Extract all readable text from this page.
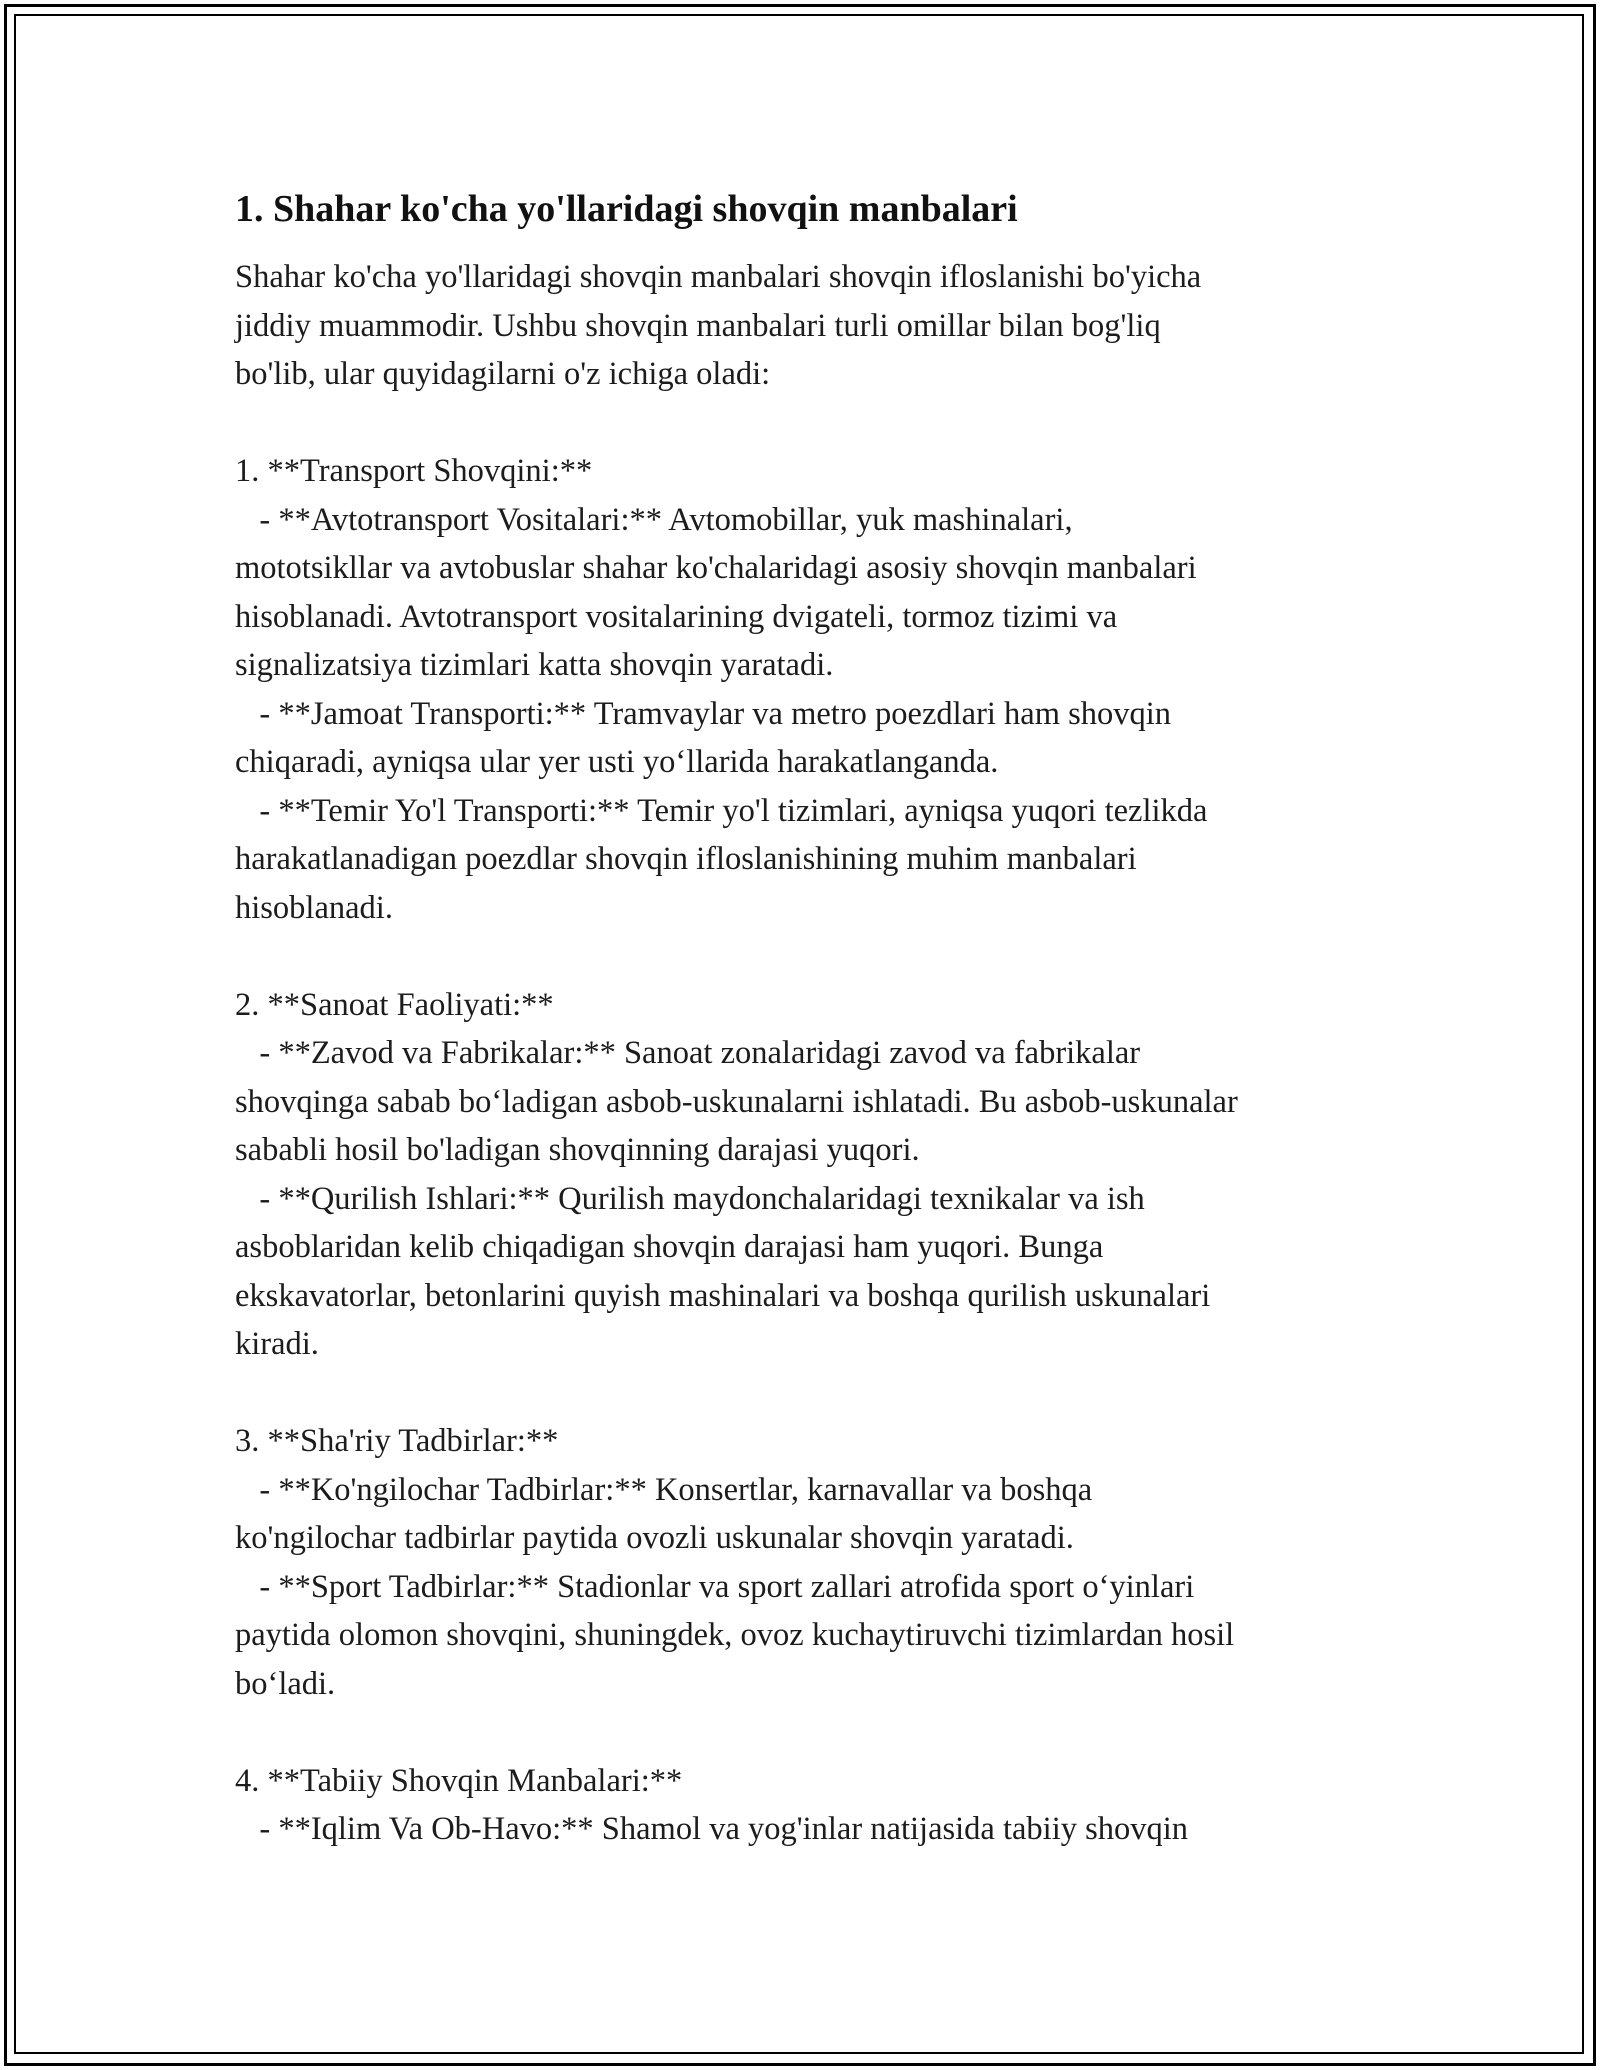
1. Shahar ko'cha yo'llaridagi shovqin manbalari

Shahar ko'cha yo'llaridagi shovqin manbalari shovqin ifloslanishi bo'yicha
jiddiy muammodir. Ushbu shovqin manbalari turli omillar bilan bog'liq
bo'lib, ular quyidagilarni o'z ichiga oladi:

1. **Transport Shovqini:**
- **Avtotransport Vositalari:** Avtomobillar, yuk mashinalari,
mototsikllar va avtobuslar shahar ko'chalaridagi asosiy shovqin manbalari
hisoblanadi. Avtotransport vositalarining dvigateli, tormoz tizimi va
signalizatsiya tizimlari katta shovqin yaratadi.
- **Jamoat Transporti:** Tramvaylar va metro poezdlari ham shovqin
chiqaradi, ayniqsa ular yer usti yo‘llarida harakatlanganda.
- **Temir Yo'l Transporti:** Temir yo'l tizimlari, ayniqsa yuqori tezlikda
harakatlanadigan poezdlar shovqin ifloslanishining muhim manbalari
hisoblanadi.

2. **Sanoat Faoliyati:**
- **Zavod va Fabrikalar:** Sanoat zonalaridagi zavod va fabrikalar
shovqinga sabab bo‘ladigan asbob-uskunalarni ishlatadi. Bu asbob-uskunalar
sababli hosil bo'ladigan shovqinning darajasi yuqori.
- **Qurilish Ishlari:** Qurilish maydonchalaridagi texnikalar va ish
asboblaridan kelib chiqadigan shovqin darajasi ham yuqori. Bunga
ekskavatorlar, betonlarini quyish mashinalari va boshqa qurilish uskunalari
kiradi.

3. **Sha'riy Tadbirlar:**
- **Ko'ngilochar Tadbirlar:** Konsertlar, karnavallar va boshqa
ko'ngilochar tadbirlar paytida ovozli uskunalar shovqin yaratadi.
- **Sport Tadbirlar:** Stadionlar va sport zallari atrofida sport o‘yinlari
paytida olomon shovqini, shuningdek, ovoz kuchaytiruvchi tizimlardan hosil
bo‘ladi.

4. **Tabiiy Shovqin Manbalari:**
- **Iqlim Va Ob-Havo:** Shamol va yog'inlar natijasida tabiiy shovqin
